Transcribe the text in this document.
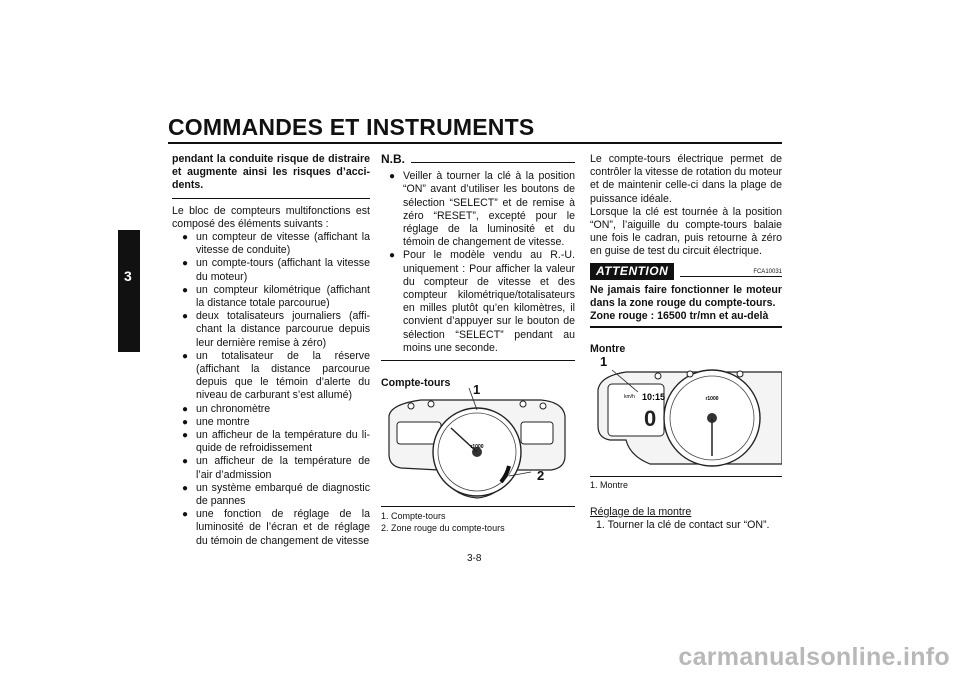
COMMANDES ET INSTRUMENTS
3
pendant la conduite risque de distraire et augmente ainsi les risques d’accidents.
Le bloc de compteurs multifonctions est composé des éléments suivants :
● un compteur de vitesse (affichant la vitesse de conduite)
● un compte-tours (affichant la vitesse du moteur)
● un compteur kilométrique (affichant la distance totale parcourue)
● deux totalisateurs journaliers (affichant la distance parcourue depuis leur dernière remise à zéro)
● un totalisateur de la réserve (affichant la distance parcourue depuis que le témoin d’alerte du niveau de carburant s’est allumé)
● un chronomètre
● une montre
● un afficheur de la température du liquide de refroidissement
● un afficheur de la température de l’air d’admission
● un système embarqué de diagnostic de pannes
● une fonction de réglage de la luminosité de l’écran et de réglage du témoin de changement de vitesse
N.B.
● Veiller à tourner la clé à la position “ON” avant d’utiliser les boutons de sélection “SELECT” et de remise à zéro “RESET”, excepté pour le réglage de la luminosité et du témoin de changement de vitesse.
● Pour le modèle vendu au R.-U. uniquement : Pour afficher la valeur du compteur de vitesse et des compteur kilométrique/totalisateurs en milles plutôt qu’en kilomètres, il convient d’appuyer sur le bouton de sélection “SELECT” pendant au moins une seconde.
Compte-tours
r1000
1
2
1. Compte-tours
2. Zone rouge du compte-tours
Le compte-tours électrique permet de contrôler la vitesse de rotation du moteur et de maintenir celle-ci dans la plage de puissance idéale.
Lorsque la clé est tournée à la position “ON”, l’aiguille du compte-tours balaie une fois le cadran, puis retourne à zéro en guise de test du circuit électrique.
ATTENTION	FCA10031
Ne jamais faire fonctionner le moteur dans la zone rouge du compte-tours.
Zone rouge : 16500 tr/mn et au-delà
Montre
km/h 10:15
0
r1000
1
1. Montre
Réglage de la montre
1. Tourner la clé de contact sur “ON”.
3-8
carmanualsonline.info
